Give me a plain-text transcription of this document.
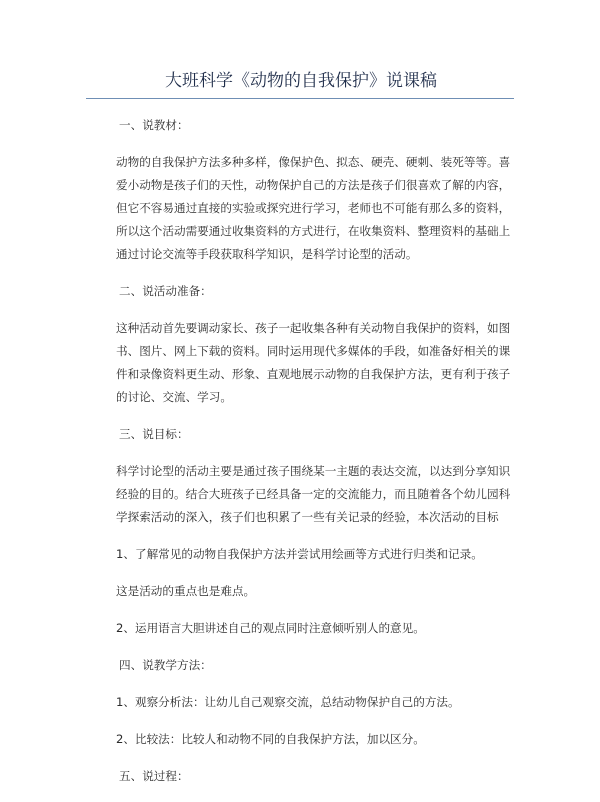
大班科学《动物的自我保护》说课稿

一、说教材：

动物的自我保护方法多种多样，像保护色、拟态、硬壳、硬刺、装死等等。喜爱小动物是孩子们的天性，动物保护自己的方法是孩子们很喜欢了解的内容，但它不容易通过直接的实验或探究进行学习，老师也不可能有那么多的资料，所以这个活动需要通过收集资料的方式进行，在收集资料、整理资料的基础上通过讨论交流等手段获取科学知识，是科学讨论型的活动。

二、说活动准备：

这种活动首先要调动家长、孩子一起收集各种有关动物自我保护的资料，如图书、图片、网上下载的资料。同时运用现代多媒体的手段，如准备好相关的课件和录像资料更生动、形象、直观地展示动物的自我保护方法，更有利于孩子的讨论、交流、学习。

三、说目标：

科学讨论型的活动主要是通过孩子围绕某一主题的表达交流，以达到分享知识经验的目的。结合大班孩子已经具备一定的交流能力，而且随着各个幼儿园科学探索活动的深入，孩子们也积累了一些有关记录的经验，本次活动的目标

1、了解常见的动物自我保护方法并尝试用绘画等方式进行归类和记录。

这是活动的重点也是难点。

2、运用语言大胆讲述自己的观点同时注意倾听别人的意见。

四、说教学方法：

1、观察分析法：让幼儿自己观察交流，总结动物保护自己的方法。

2、比较法：比较人和动物不同的自我保护方法，加以区分。

五、说过程：
